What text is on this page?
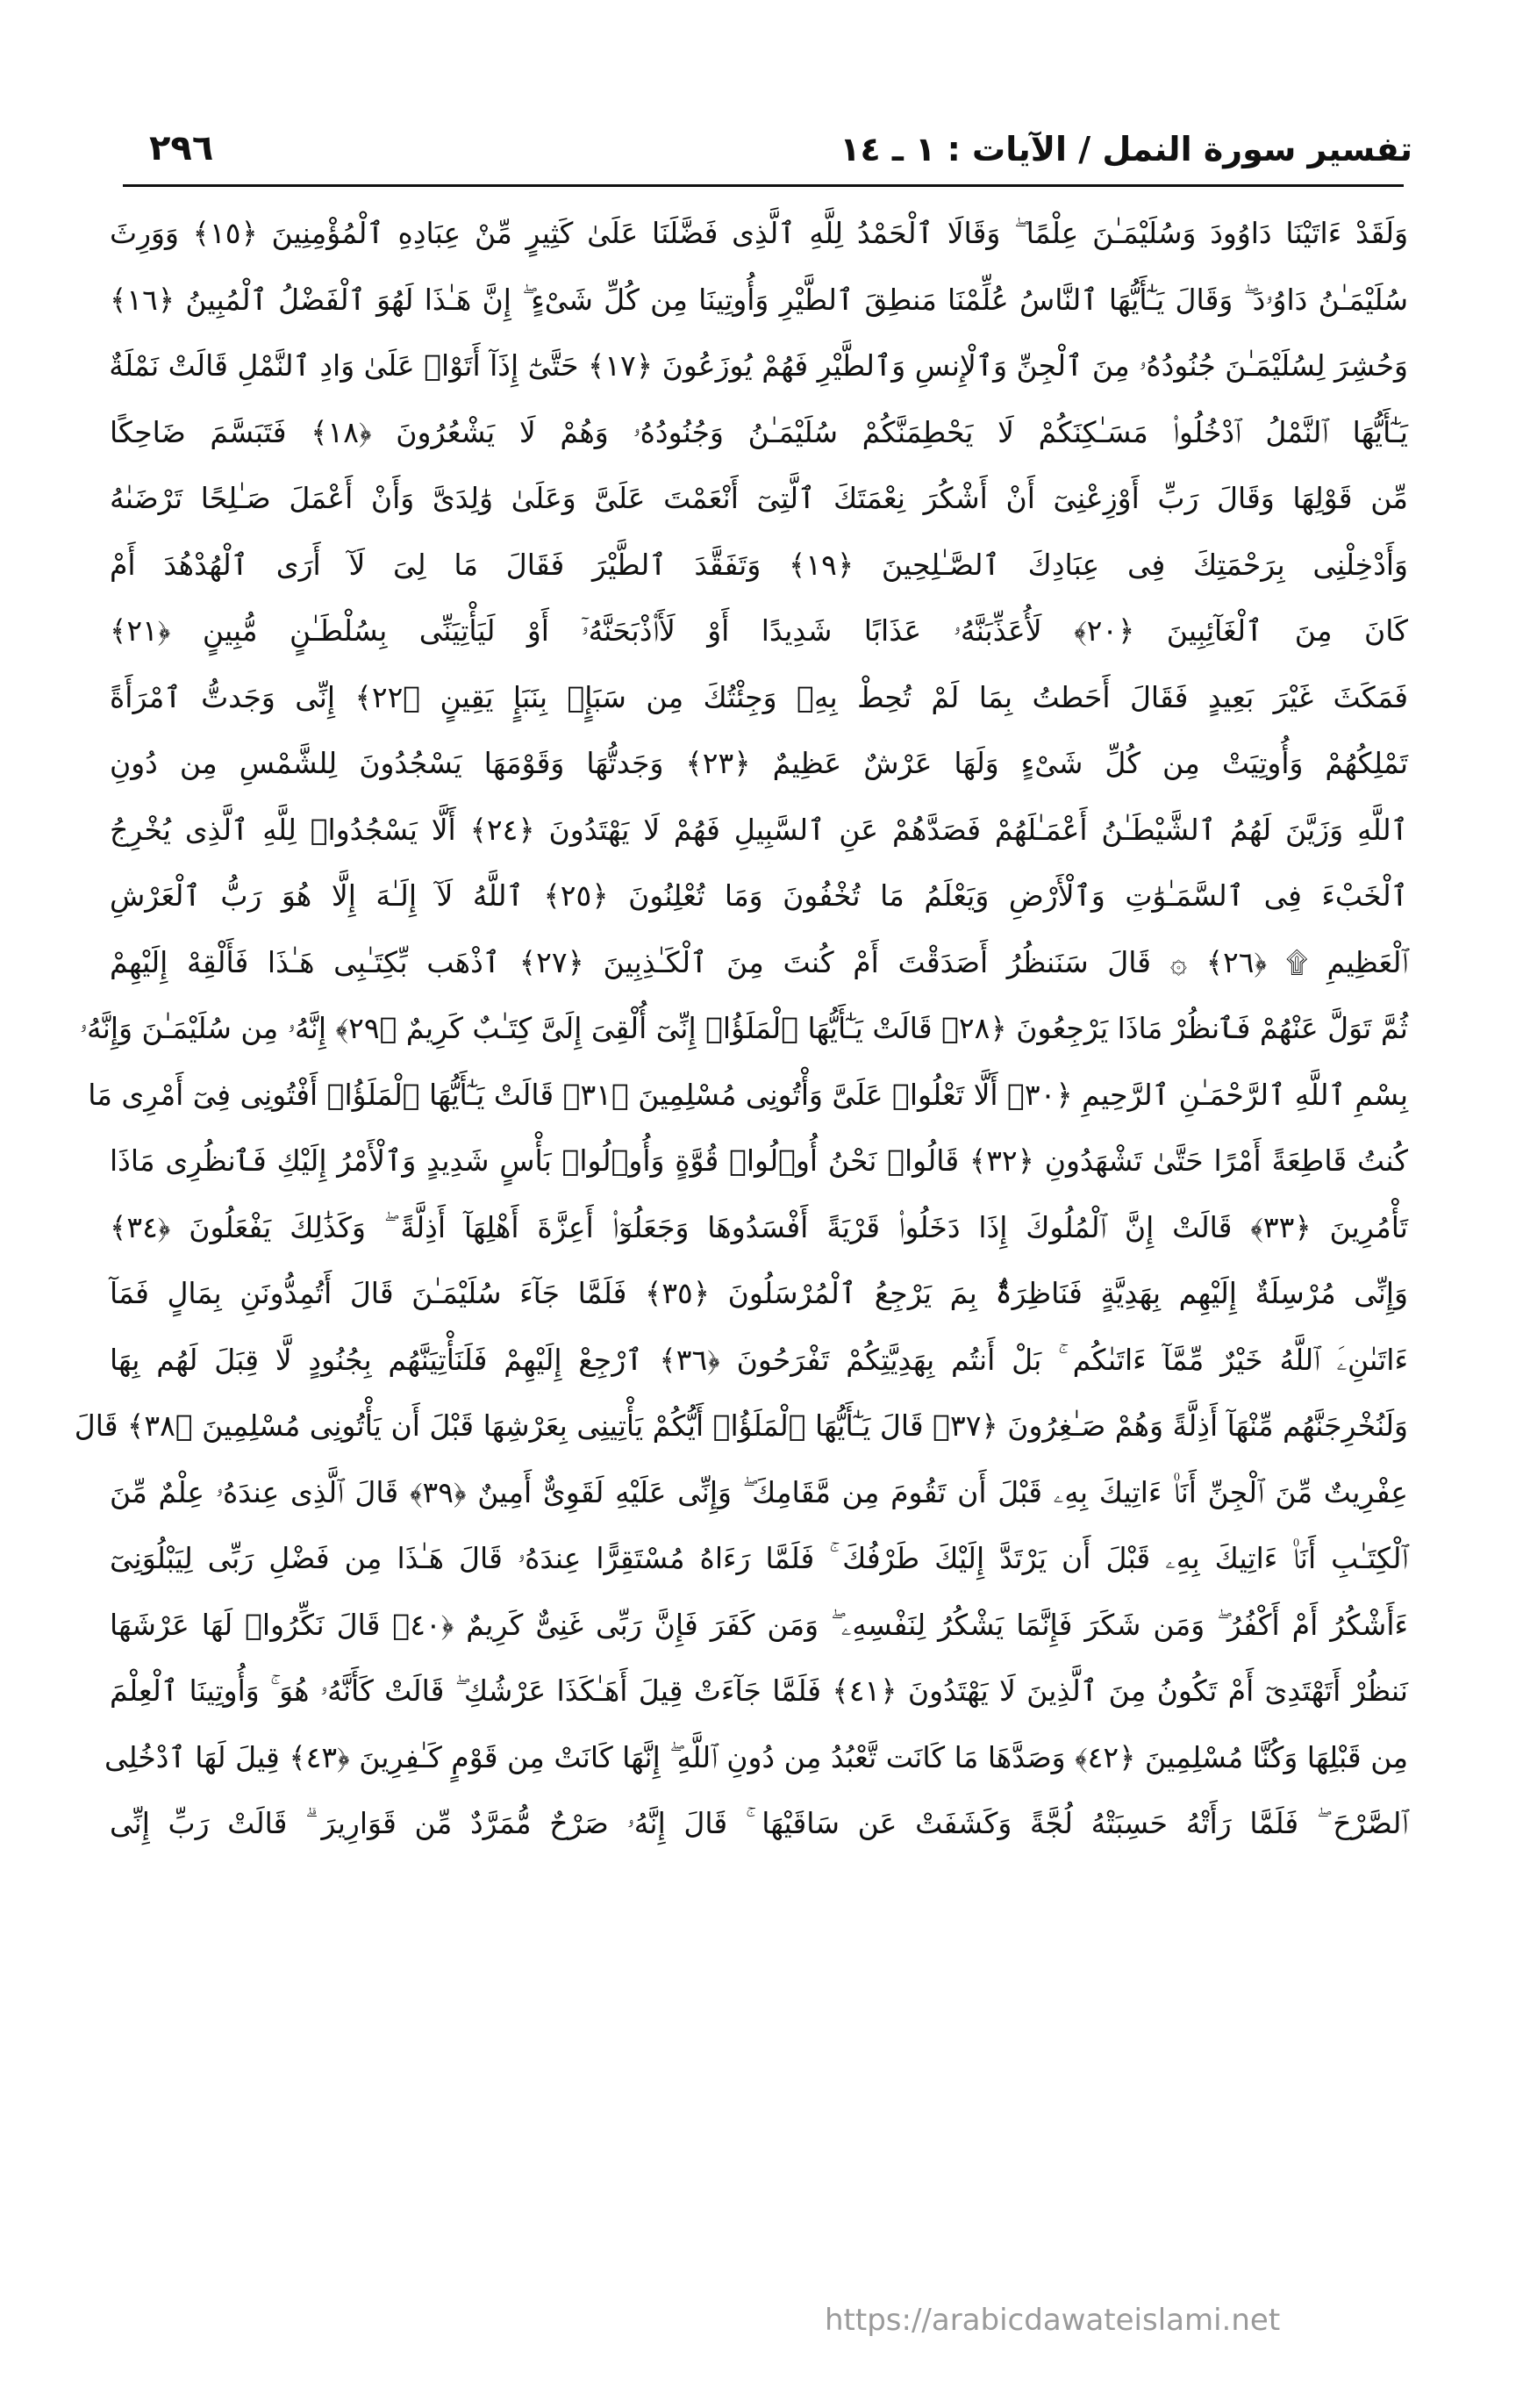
٢٩٦	تفسير سورة النمل / الآيات : ١ ـ ١٤
وَلَقَدْ ءَاتَيْنَا دَاوُودَ وَسُلَيْمَـٰنَ عِلْمًا ۖ وَقَالَا ٱلْحَمْدُ لِلَّهِ ٱلَّذِى فَضَّلَنَا عَلَىٰ كَثِيرٍ مِّنْ عِبَادِهِ ٱلْمُؤْمِنِينَ ﴿١٥﴾ وَوَرِثَ
سُلَيْمَـٰنُ دَاوُۥدَ ۖ وَقَالَ يَـٰٓأَيُّهَا ٱلنَّاسُ عُلِّمْنَا مَنطِقَ ٱلطَّيْرِ وَأُوتِينَا مِن كُلِّ شَىْءٍ ۖ إِنَّ هَـٰذَا لَهُوَ ٱلْفَضْلُ ٱلْمُبِينُ ﴿١٦﴾
وَحُشِرَ لِسُلَيْمَـٰنَ جُنُودُهُۥ مِنَ ٱلْجِنِّ وَٱلْإِنسِ وَٱلطَّيْرِ فَهُمْ يُوزَعُونَ ﴿١٧﴾ حَتَّىٰٓ إِذَآ أَتَوْا۟ عَلَىٰ وَادِ ٱلنَّمْلِ قَالَتْ نَمْلَةٌ
يَـٰٓأَيُّهَا ٱلنَّمْلُ ٱدْخُلُوا۟ مَسَـٰكِنَكُمْ لَا يَحْطِمَنَّكُمْ سُلَيْمَـٰنُ وَجُنُودُهُۥ وَهُمْ لَا يَشْعُرُونَ ﴿١٨﴾ فَتَبَسَّمَ ضَاحِكًا
مِّن قَوْلِهَا وَقَالَ رَبِّ أَوْزِعْنِىٓ أَنْ أَشْكُرَ نِعْمَتَكَ ٱلَّتِىٓ أَنْعَمْتَ عَلَىَّ وَعَلَىٰ وَٰلِدَىَّ وَأَنْ أَعْمَلَ صَـٰلِحًا تَرْضَىٰهُ
وَأَدْخِلْنِى بِرَحْمَتِكَ فِى عِبَادِكَ ٱلصَّـٰلِحِينَ ﴿١٩﴾ وَتَفَقَّدَ ٱلطَّيْرَ فَقَالَ مَا لِىَ لَآ أَرَى ٱلْهُدْهُدَ أَمْ
كَانَ مِنَ ٱلْغَآئِبِينَ ﴿٢٠﴾ لَأُعَذِّبَنَّهُۥ عَذَابًا شَدِيدًا أَوْ لَأَا۟ذْبَحَنَّهُۥٓ أَوْ لَيَأْتِيَنِّى بِسُلْطَـٰنٍ مُّبِينٍ ﴿٢١﴾
فَمَكَثَ غَيْرَ بَعِيدٍ فَقَالَ أَحَطتُ بِمَا لَمْ تُحِطْ بِهِۦ وَجِئْتُكَ مِن سَبَإٍۭ بِنَبَإٍ يَقِينٍ ﴿٢٢﴾ إِنِّى وَجَدتُّ ٱمْرَأَةً
تَمْلِكُهُمْ وَأُوتِيَتْ مِن كُلِّ شَىْءٍ وَلَهَا عَرْشٌ عَظِيمٌ ﴿٢٣﴾ وَجَدتُّهَا وَقَوْمَهَا يَسْجُدُونَ لِلشَّمْسِ مِن دُونِ
ٱللَّهِ وَزَيَّنَ لَهُمُ ٱلشَّيْطَـٰنُ أَعْمَـٰلَهُمْ فَصَدَّهُمْ عَنِ ٱلسَّبِيلِ فَهُمْ لَا يَهْتَدُونَ ﴿٢٤﴾ أَلَّا يَسْجُدُوا۟ لِلَّهِ ٱلَّذِى يُخْرِجُ
ٱلْخَبْءَ فِى ٱلسَّمَـٰوَٰتِ وَٱلْأَرْضِ وَيَعْلَمُ مَا تُخْفُونَ وَمَا تُعْلِنُونَ ﴿٢٥﴾ ٱللَّهُ لَآ إِلَـٰهَ إِلَّا هُوَ رَبُّ ٱلْعَرْشِ
ٱلْعَظِيمِ ۩ ﴿٢٦﴾ ۞ قَالَ سَنَنظُرُ أَصَدَقْتَ أَمْ كُنتَ مِنَ ٱلْكَـٰذِبِينَ ﴿٢٧﴾ ٱذْهَب بِّكِتَـٰبِى هَـٰذَا فَأَلْقِهْ إِلَيْهِمْ
ثُمَّ تَوَلَّ عَنْهُمْ فَٱنظُرْ مَاذَا يَرْجِعُونَ ﴿٢٨﴾ قَالَتْ يَـٰٓأَيُّهَا ٱلْمَلَؤُا۟ إِنِّىٓ أُلْقِىَ إِلَىَّ كِتَـٰبٌ كَرِيمٌ ﴿٢٩﴾ إِنَّهُۥ مِن سُلَيْمَـٰنَ وَإِنَّهُۥ
بِسْمِ ٱللَّهِ ٱلرَّحْمَـٰنِ ٱلرَّحِيمِ ﴿٣٠﴾ أَلَّا تَعْلُوا۟ عَلَىَّ وَأْتُونِى مُسْلِمِينَ ﴿٣١﴾ قَالَتْ يَـٰٓأَيُّهَا ٱلْمَلَؤُا۟ أَفْتُونِى فِىٓ أَمْرِى مَا
كُنتُ قَاطِعَةً أَمْرًا حَتَّىٰ تَشْهَدُونِ ﴿٣٢﴾ قَالُوا۟ نَحْنُ أُو۟لُوا۟ قُوَّةٍ وَأُو۟لُوا۟ بَأْسٍ شَدِيدٍ وَٱلْأَمْرُ إِلَيْكِ فَٱنظُرِى مَاذَا
تَأْمُرِينَ ﴿٣٣﴾ قَالَتْ إِنَّ ٱلْمُلُوكَ إِذَا دَخَلُوا۟ قَرْيَةً أَفْسَدُوهَا وَجَعَلُوٓا۟ أَعِزَّةَ أَهْلِهَآ أَذِلَّةً ۖ وَكَذَٰلِكَ يَفْعَلُونَ ﴿٣٤﴾
وَإِنِّى مُرْسِلَةٌ إِلَيْهِم بِهَدِيَّةٍ فَنَاظِرَةٌۢ بِمَ يَرْجِعُ ٱلْمُرْسَلُونَ ﴿٣٥﴾ فَلَمَّا جَآءَ سُلَيْمَـٰنَ قَالَ أَتُمِدُّونَنِ بِمَالٍ فَمَآ
ءَاتَىٰنِۦَ ٱللَّهُ خَيْرٌ مِّمَّآ ءَاتَىٰكُم ۚ بَلْ أَنتُم بِهَدِيَّتِكُمْ تَفْرَحُونَ ﴿٣٦﴾ ٱرْجِعْ إِلَيْهِمْ فَلَنَأْتِيَنَّهُم بِجُنُودٍ لَّا قِبَلَ لَهُم بِهَا
وَلَنُخْرِجَنَّهُم مِّنْهَآ أَذِلَّةً وَهُمْ صَـٰغِرُونَ ﴿٣٧﴾ قَالَ يَـٰٓأَيُّهَا ٱلْمَلَؤُا۟ أَيُّكُمْ يَأْتِينِى بِعَرْشِهَا قَبْلَ أَن يَأْتُونِى مُسْلِمِينَ ﴿٣٨﴾ قَالَ
عِفْرِيتٌ مِّنَ ٱلْجِنِّ أَنَا۠ ءَاتِيكَ بِهِۦ قَبْلَ أَن تَقُومَ مِن مَّقَامِكَ ۖ وَإِنِّى عَلَيْهِ لَقَوِىٌّ أَمِينٌ ﴿٣٩﴾ قَالَ ٱلَّذِى عِندَهُۥ عِلْمٌ مِّنَ
ٱلْكِتَـٰبِ أَنَا۠ ءَاتِيكَ بِهِۦ قَبْلَ أَن يَرْتَدَّ إِلَيْكَ طَرْفُكَ ۚ فَلَمَّا رَءَاهُ مُسْتَقِرًّا عِندَهُۥ قَالَ هَـٰذَا مِن فَضْلِ رَبِّى لِيَبْلُوَنِىٓ
ءَأَشْكُرُ أَمْ أَكْفُرُ ۖ وَمَن شَكَرَ فَإِنَّمَا يَشْكُرُ لِنَفْسِهِۦ ۖ وَمَن كَفَرَ فَإِنَّ رَبِّى غَنِىٌّ كَرِيمٌ ﴿٤٠﴾ قَالَ نَكِّرُوا۟ لَهَا عَرْشَهَا
نَنظُرْ أَتَهْتَدِىٓ أَمْ تَكُونُ مِنَ ٱلَّذِينَ لَا يَهْتَدُونَ ﴿٤١﴾ فَلَمَّا جَآءَتْ قِيلَ أَهَـٰكَذَا عَرْشُكِ ۖ قَالَتْ كَأَنَّهُۥ هُوَ ۚ وَأُوتِينَا ٱلْعِلْمَ
مِن قَبْلِهَا وَكُنَّا مُسْلِمِينَ ﴿٤٢﴾ وَصَدَّهَا مَا كَانَت تَّعْبُدُ مِن دُونِ ٱللَّهِ ۖ إِنَّهَا كَانَتْ مِن قَوْمٍ كَـٰفِرِينَ ﴿٤٣﴾ قِيلَ لَهَا ٱدْخُلِى
ٱلصَّرْحَ ۖ فَلَمَّا رَأَتْهُ حَسِبَتْهُ لُجَّةً وَكَشَفَتْ عَن سَاقَيْهَا ۚ قَالَ إِنَّهُۥ صَرْحٌ مُّمَرَّدٌ مِّن قَوَارِيرَ ۗ قَالَتْ رَبِّ إِنِّى
https://arabicdawateislami.net
